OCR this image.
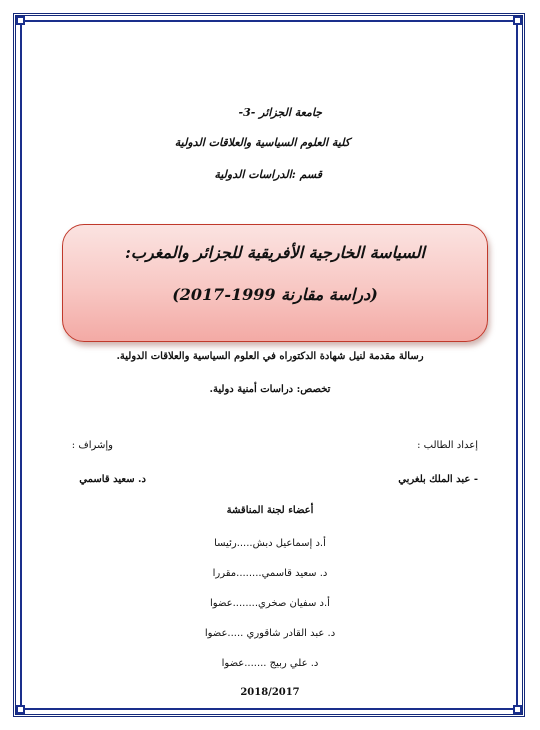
جامعة الجزائر -3-
كلية العلوم السياسية والعلاقات الدولية
قسم :الدراسات الدولية
السياسة الخارجية الأفريقية للجزائر والمغرب:
(دراسة مقارنة 1999-2017)
رسالة مقدمة لنيل شهادة الدكتوراه في العلوم السياسية والعلاقات الدولية.
تخصص: دراسات أمنية دولية.
إعداد الطالب :
وإشراف :
- عبد الملك بلغربي
د. سعيد قاسمي
أعضاء لجنة المناقشة
أ.د إسماعيل دبش.....رئيسا
د. سعيد قاسمي........مقررا
أ.د سفيان صخري........عضوا
د. عبد القادر شاقوري .....عضوا
د. علي ربيج .......عضوا
2018/2017
